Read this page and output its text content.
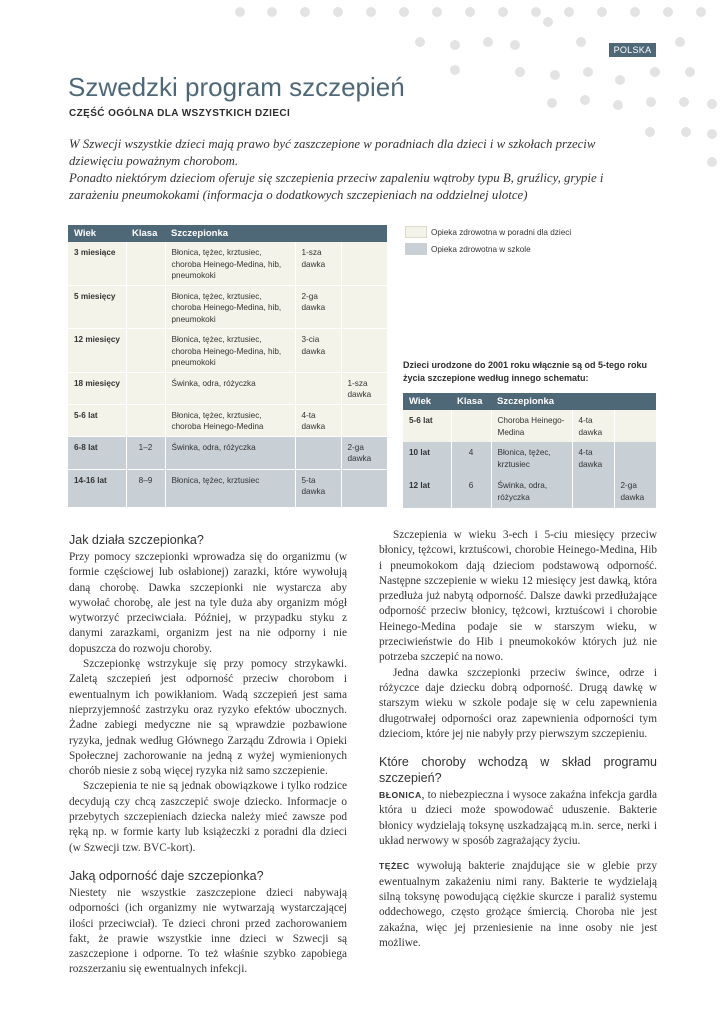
POLSKA
Szwedzki program szczepień
CZĘŚĆ OGÓLNA DLA WSZYSTKICH DZIECI

W Szwecji wszystkie dzieci mają prawo być zaszczepione w poradniach dla dzieci i w szkołach przeciw dziewięciu poważnym chorobom.

Ponadto niektórym dzieciom oferuje się szczepienia przeciw zapaleniu wątroby typu B, gruźlicy, grypie i zarażeniu pneumokokami (informacja o dodatkowych szczepieniach na oddzielnej ulotce)

Wiek	Klasa	Szczepionka		
3 miesiące		Błonica, tężec, krztusiec, choroba Heinego-Medina, hib, pneumokoki	1-sza dawka	
5 miesięcy		Błonica, tężec, krztusiec, choroba Heinego-Medina, hib, pneumokoki	2-ga dawka	
12 miesięcy		Błonica, tężec, krztusiec, choroba Heinego-Medina, hib, pneumokoki	3-cia dawka	
18 miesięcy		Świnka, odra, różyczka		1-sza dawka
5-6 lat		Błonica, tężec, krztusiec, choroba Heinego-Medina	4-ta dawka	
6-8 lat	1–2	Świnka, odra, różyczka		2-ga dawka
14-16 lat	8–9	Błonica, tężec, krztusiec	5-ta dawka	
Opieka zdrowotna w poradni dla dzieci
Opieka zdrowotna w szkole
Dzieci urodzone do 2001 roku włącznie są od 5-tego roku życia szczepione według innego schematu:
Wiek	Klasa	Szczepionka		
5-6 lat		Choroba Heinego-Medina	4-ta dawka	
10 lat	4	Błonica, tężec, krztusiec	4-ta dawka	
12 lat	6	Świnka, odra, różyczka		2-ga dawka
Jak działa szczepionka?

Przy pomocy szczepionki wprowadza się do organizmu (w formie częściowej lub osłabionej) zarazki, które wywołują daną chorobę. Dawka szczepionki nie wystarcza aby wywołać chorobę, ale jest na tyle duża aby organizm mógł wytworzyć przeciwciała. Później, w przypadku styku z danymi zarazkami, organizm jest na nie odporny i nie dopuszcza do rozwoju choroby.

Szczepionkę wstrzykuje się przy pomocy strzykawki. Zaletą szczepień jest odporność przeciw chorobom i ewentualnym ich powikłaniom. Wadą szczepień jest sama nieprzyjemność zastrzyku oraz ryzyko efektów ubocznych. Żadne zabiegi medyczne nie są wprawdzie pozbawione ryzyka, jednak według Głównego Zarządu Zdrowia i Opieki Społecznej zachorowanie na jedną z wyżej wymienionych chorób niesie z sobą więcej ryzyka niż samo szczepienie.

Szczepienia te nie są jednak obowiązkowe i tylko rodzice decydują czy chcą zaszczepić swoje dziecko. Informacje o przebytych szczepieniach dziecka należy mieć zawsze pod ręką np. w formie karty lub książeczki z poradni dla dzieci (w Szwecji tzw. BVC-kort).

Jaką odporność daje szczepionka?

Niestety nie wszystkie zaszczepione dzieci nabywają odporności (ich organizmy nie wytwarzają wystarczającej ilości przeciwciał). Te dzieci chroni przed zachorowaniem fakt, że prawie wszystkie inne dzieci w Szwecji są zaszczepione i odporne. To też właśnie szybko zapobiega rozszerzaniu się ewentualnych infekcji.

Szczepienia w wieku 3-ech i 5-ciu miesięcy przeciw błonicy, tężcowi, krztuścowi, chorobie Heinego-Medina, Hib i pneumokokom dają dzieciom podstawową odporność. Następne szczepienie w wieku 12 miesięcy jest dawką, która przedłuża już nabytą odporność. Dalsze dawki przedłużające odporność przeciw błonicy, tężcowi, krztuścowi i chorobie Heinego-Medina podaje sie w starszym wieku, w przeciwieństwie do Hib i pneumokoków których już nie potrzeba szczepić na nowo.

Jedna dawka szczepionki przeciw śwince, odrze i różyczce daje dziecku dobrą odporność. Drugą dawkę w starszym wieku w szkole podaje się w celu zapewnienia długotrwałej odporności oraz zapewnienia odporności tym dzieciom, które jej nie nabyły przy pierwszym szczepieniu.

Które choroby wchodzą w skład programu szczepień?

BŁONICA, to niebezpieczna i wysoce zakaźna infekcja gardła która u dzieci może spowodować uduszenie. Bakterie błonicy wydzielają toksynę uszkadzającą m.in. serce, nerki i układ nerwowy w sposób zagrażający życiu.

TĘŻEC wywołują bakterie znajdujące sie w glebie przy ewentualnym zakażeniu nimi rany. Bakterie te wydzielają silną toksynę powodującą ciężkie skurcze i paraliż systemu oddechowego, często grożące śmiercią. Choroba nie jest zakaźna, więc jej przeniesienie na inne osoby nie jest możliwe.
